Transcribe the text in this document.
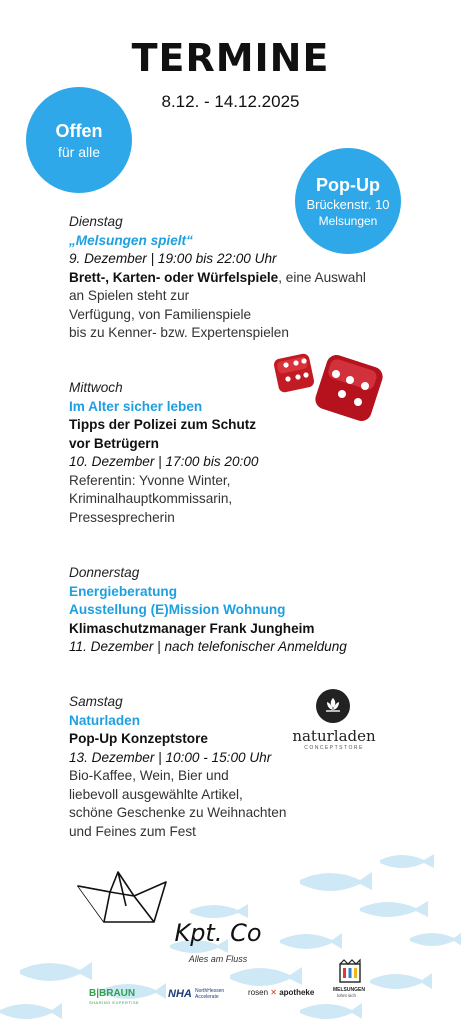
TERMINE
8.12. - 14.12.2025
Offen
für alle
Pop-Up
Brückenstr. 10
Melsungen
Dienstag
„Melsungen spielt“
9. Dezember | 19:00 bis 22:00 Uhr
Brett-, Karten- oder Würfelspiele, eine Auswahl an Spielen steht zur
Verfügung, von Familienspiele
bis zu Kenner- bzw. Expertenspielen
Mittwoch
Im Alter sicher leben
Tipps der Polizei zum Schutz
vor Betrügern
10. Dezember | 17:00 bis 20:00
Referentin: Yvonne Winter,
Kriminalhauptkommissarin,
Pressesprecherin
Donnerstag
Energieberatung
Ausstellung (E)Mission Wohnung
Klimaschutzmanager Frank Jungheim
11. Dezember | nach telefonischer Anmeldung
Samstag
Naturladen
Pop-Up Konzeptstore
13. Dezember | 10:00 - 15:00 Uhr
Bio-Kaffee, Wein, Bier und
liebevoll ausgewählte Artikel,
schöne Geschenke zu Weihnachten
und Feines zum Fest
naturladen
CONCEPTSTORE
Kpt. Co
Alles am Fluss
B|BRAUN
SHARING EXPERTISE
NHA NorthHessen
Accelerate	rosen ✕ apotheke	MELSUNGEN
lohnt sich
